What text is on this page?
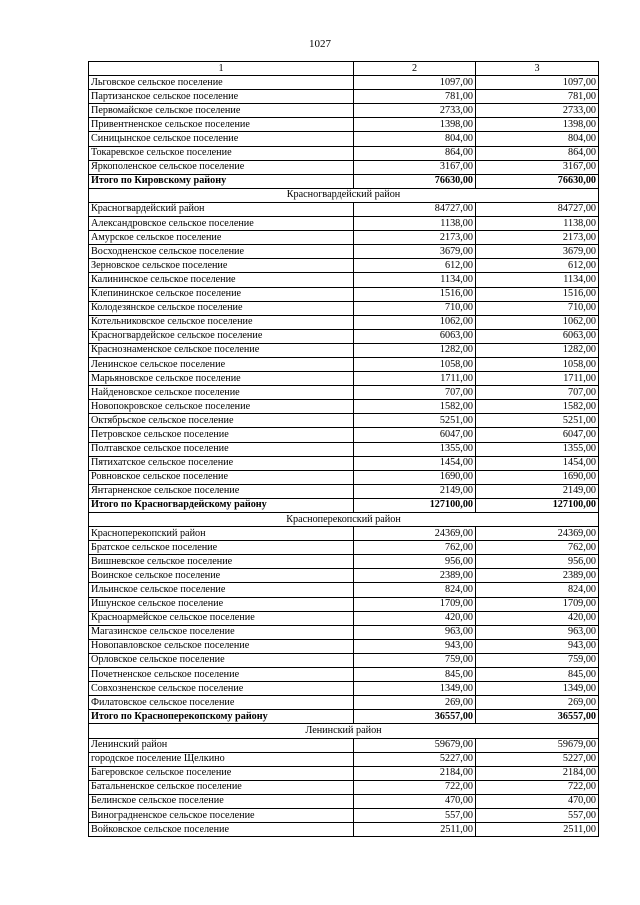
1027
1	2	3
Льговское сельское поселение	1097,00	1097,00
Партизанское сельское поселение	781,00	781,00
Первомайское сельское поселение	2733,00	2733,00
Привентненское сельское поселение	1398,00	1398,00
Синицынское сельское поселение	804,00	804,00
Токаревское сельское поселение	864,00	864,00
Яркополенское сельское поселение	3167,00	3167,00
Итого по Кировскому району	76630,00	76630,00
Красногвардейский район		
Красногвардейский район	84727,00	84727,00
Александровское сельское поселение	1138,00	1138,00
Амурское сельское поселение	2173,00	2173,00
Восходненское сельское поселение	3679,00	3679,00
Зерновское сельское поселение	612,00	612,00
Калининское сельское поселение	1134,00	1134,00
Клепининское сельское поселение	1516,00	1516,00
Колодезянское сельское поселение	710,00	710,00
Котельниковское сельское поселение	1062,00	1062,00
Красногвардейское сельское поселение	6063,00	6063,00
Краснознаменское сельское поселение	1282,00	1282,00
Ленинское сельское поселение	1058,00	1058,00
Марьяновское сельское поселение	1711,00	1711,00
Найденовское сельское поселение	707,00	707,00
Новопокровское сельское поселение	1582,00	1582,00
Октябрьское сельское поселение	5251,00	5251,00
Петровское сельское поселение	6047,00	6047,00
Полтавское сельское поселение	1355,00	1355,00
Пятихатское сельское поселение	1454,00	1454,00
Ровновское сельское поселение	1690,00	1690,00
Янтарненское сельское поселение	2149,00	2149,00
Итого по Красногвардейскому району	127100,00	127100,00
Красноперекопский район		
Красноперекопский район	24369,00	24369,00
Братское сельское поселение	762,00	762,00
Вишневское сельское поселение	956,00	956,00
Воинское сельское поселение	2389,00	2389,00
Ильинское сельское поселение	824,00	824,00
Ишунское сельское поселение	1709,00	1709,00
Красноармейское сельское поселение	420,00	420,00
Магазинское сельское поселение	963,00	963,00
Новопавловское сельское поселение	943,00	943,00
Орловское сельское поселение	759,00	759,00
Почетненское сельское поселение	845,00	845,00
Совхозненское сельское поселение	1349,00	1349,00
Филатовское сельское поселение	269,00	269,00
Итого по Красноперекопскому району	36557,00	36557,00
Ленинский район		
Ленинский район	59679,00	59679,00
городское поселение Щелкино	5227,00	5227,00
Багеровское сельское поселение	2184,00	2184,00
Батальненское сельское поселение	722,00	722,00
Белинское сельское поселение	470,00	470,00
Виноградненское сельское поселение	557,00	557,00
Войковское сельское поселение	2511,00	2511,00
